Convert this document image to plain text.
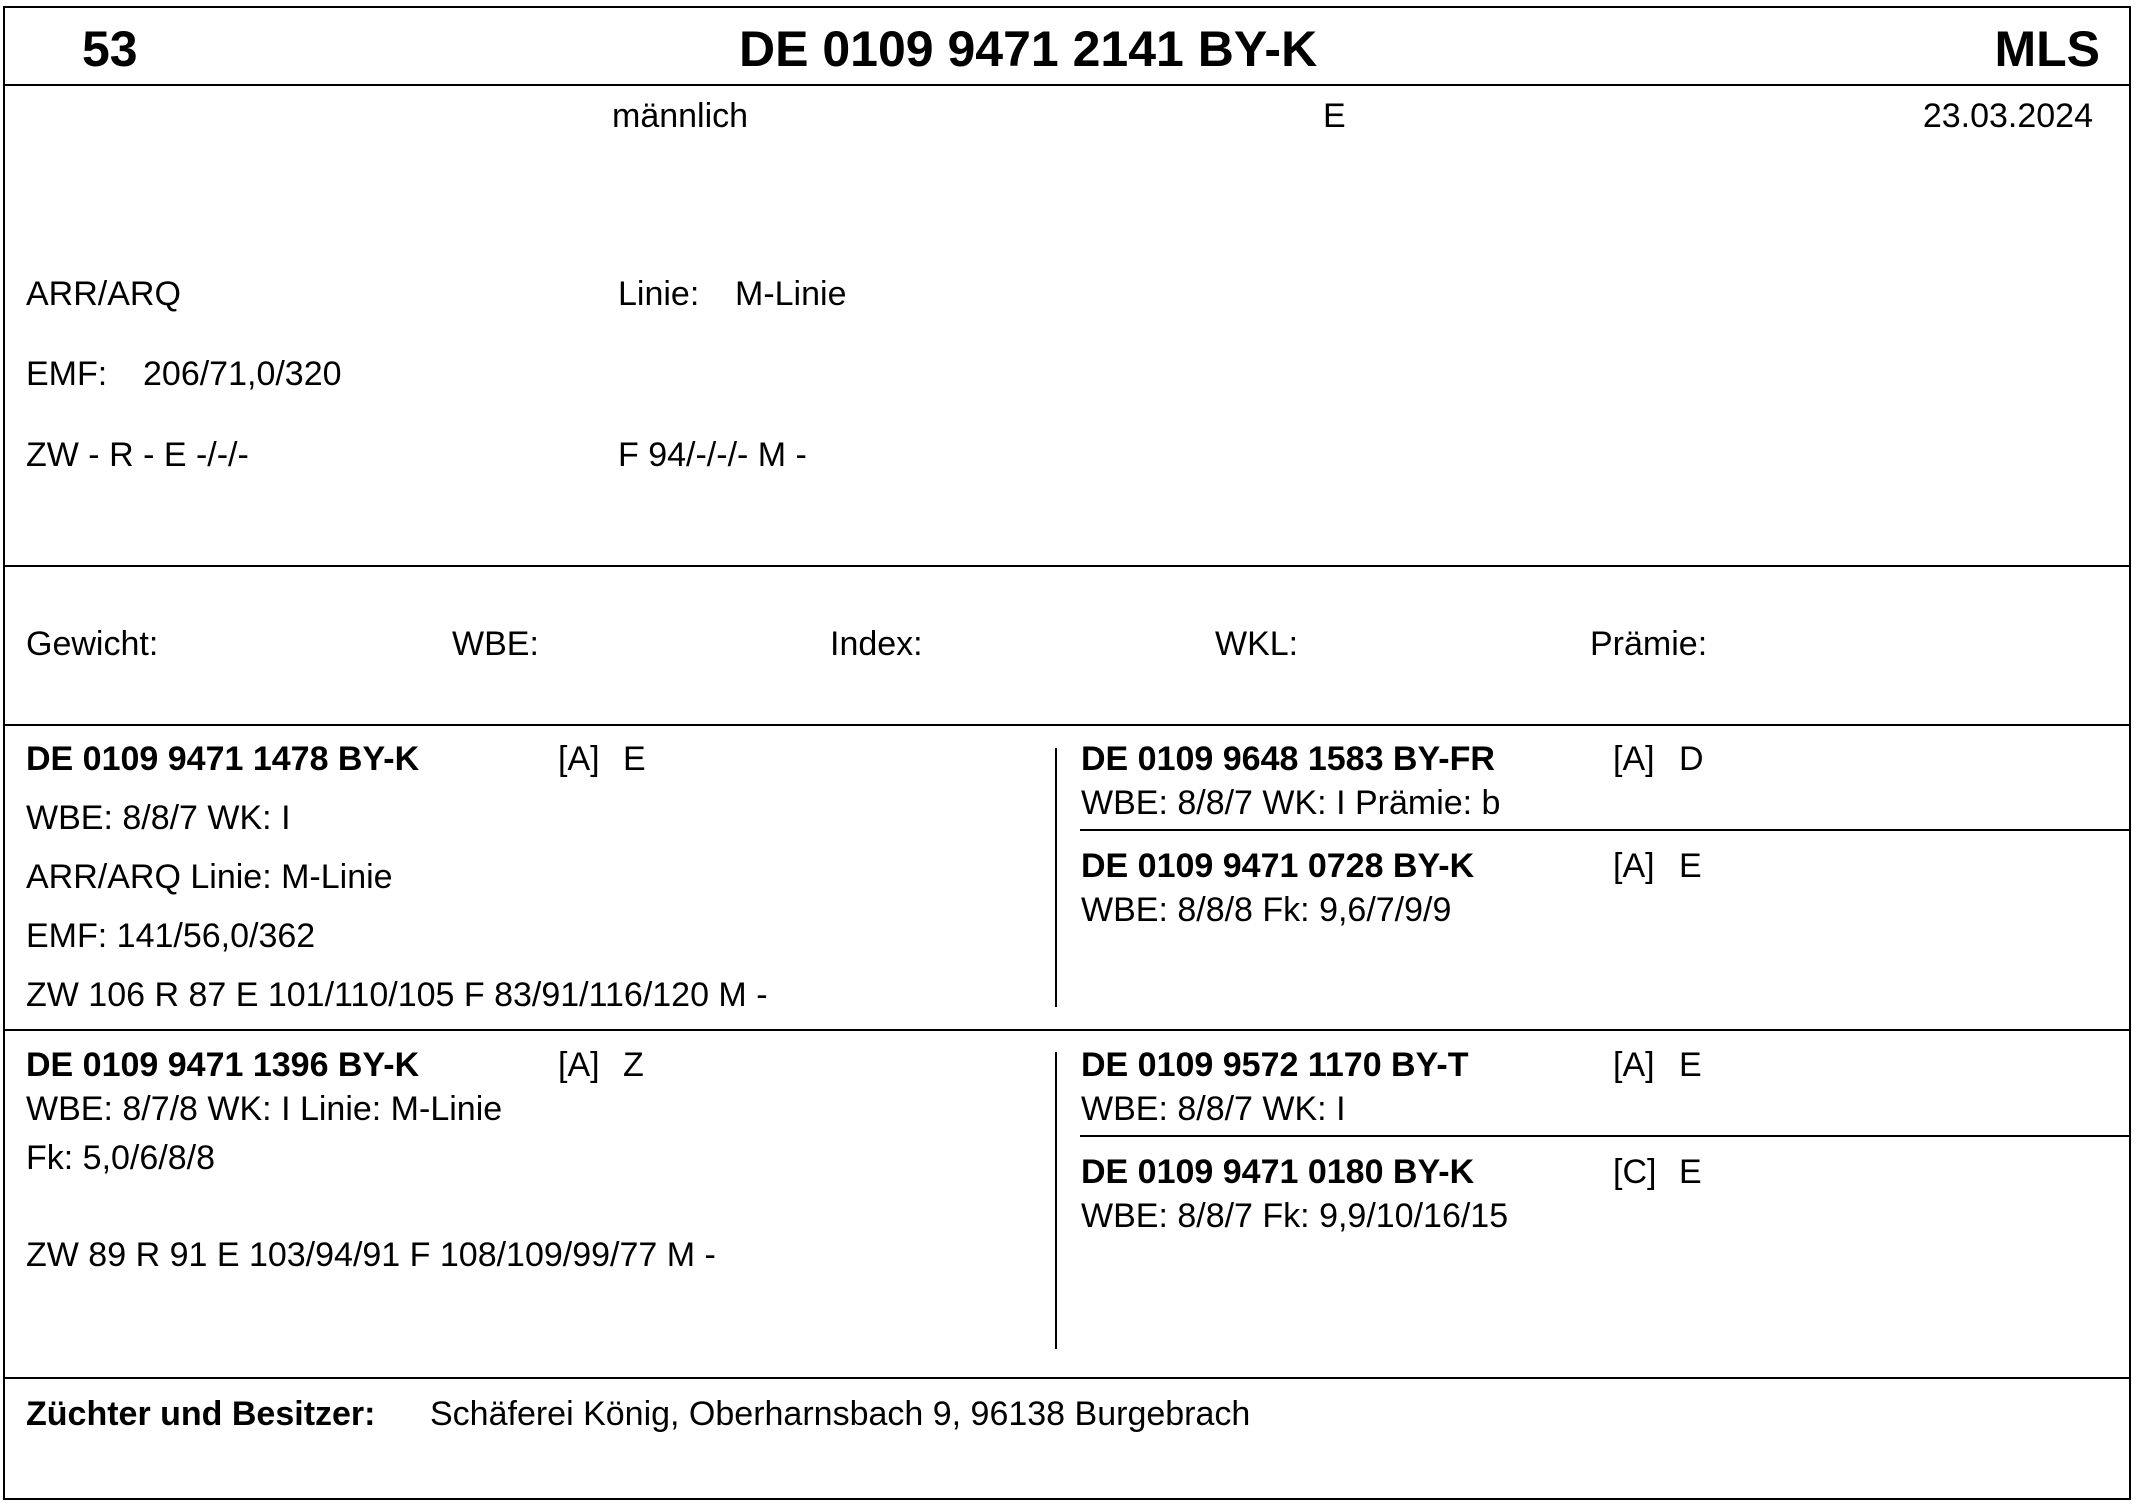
53	DE 0109 9471 2141 BY-K	MLS
männlich	E	23.03.2024
ARR/ARQ	Linie: M-Linie
EMF: 206/71,0/320
ZW - R - E -/-/-	F 94/-/-/- M -
Gewicht:	WBE:	Index:	WKL:	Prämie:
DE 0109 9471 1478 BY-K	[A] E
WBE: 8/8/7 WK: I
ARR/ARQ Linie: M-Linie
EMF: 141/56,0/362
ZW 106 R 87 E 101/110/105 F 83/91/116/120 M -
DE 0109 9648 1583 BY-FR	[A] D
WBE: 8/8/7 WK: I Prämie: b
DE 0109 9471 0728 BY-K	[A] E
WBE: 8/8/8 Fk: 9,6/7/9/9
DE 0109 9471 1396 BY-K	[A] Z
WBE: 8/7/8 WK: I Linie: M-Linie
Fk: 5,0/6/8/8
ZW 89 R 91 E 103/94/91 F 108/109/99/77 M -
DE 0109 9572 1170 BY-T	[A] E
WBE: 8/8/7 WK: I
DE 0109 9471 0180 BY-K	[C] E
WBE: 8/8/7 Fk: 9,9/10/16/15
Züchter und Besitzer: Schäferei König, Oberharnsbach 9, 96138 Burgebrach
